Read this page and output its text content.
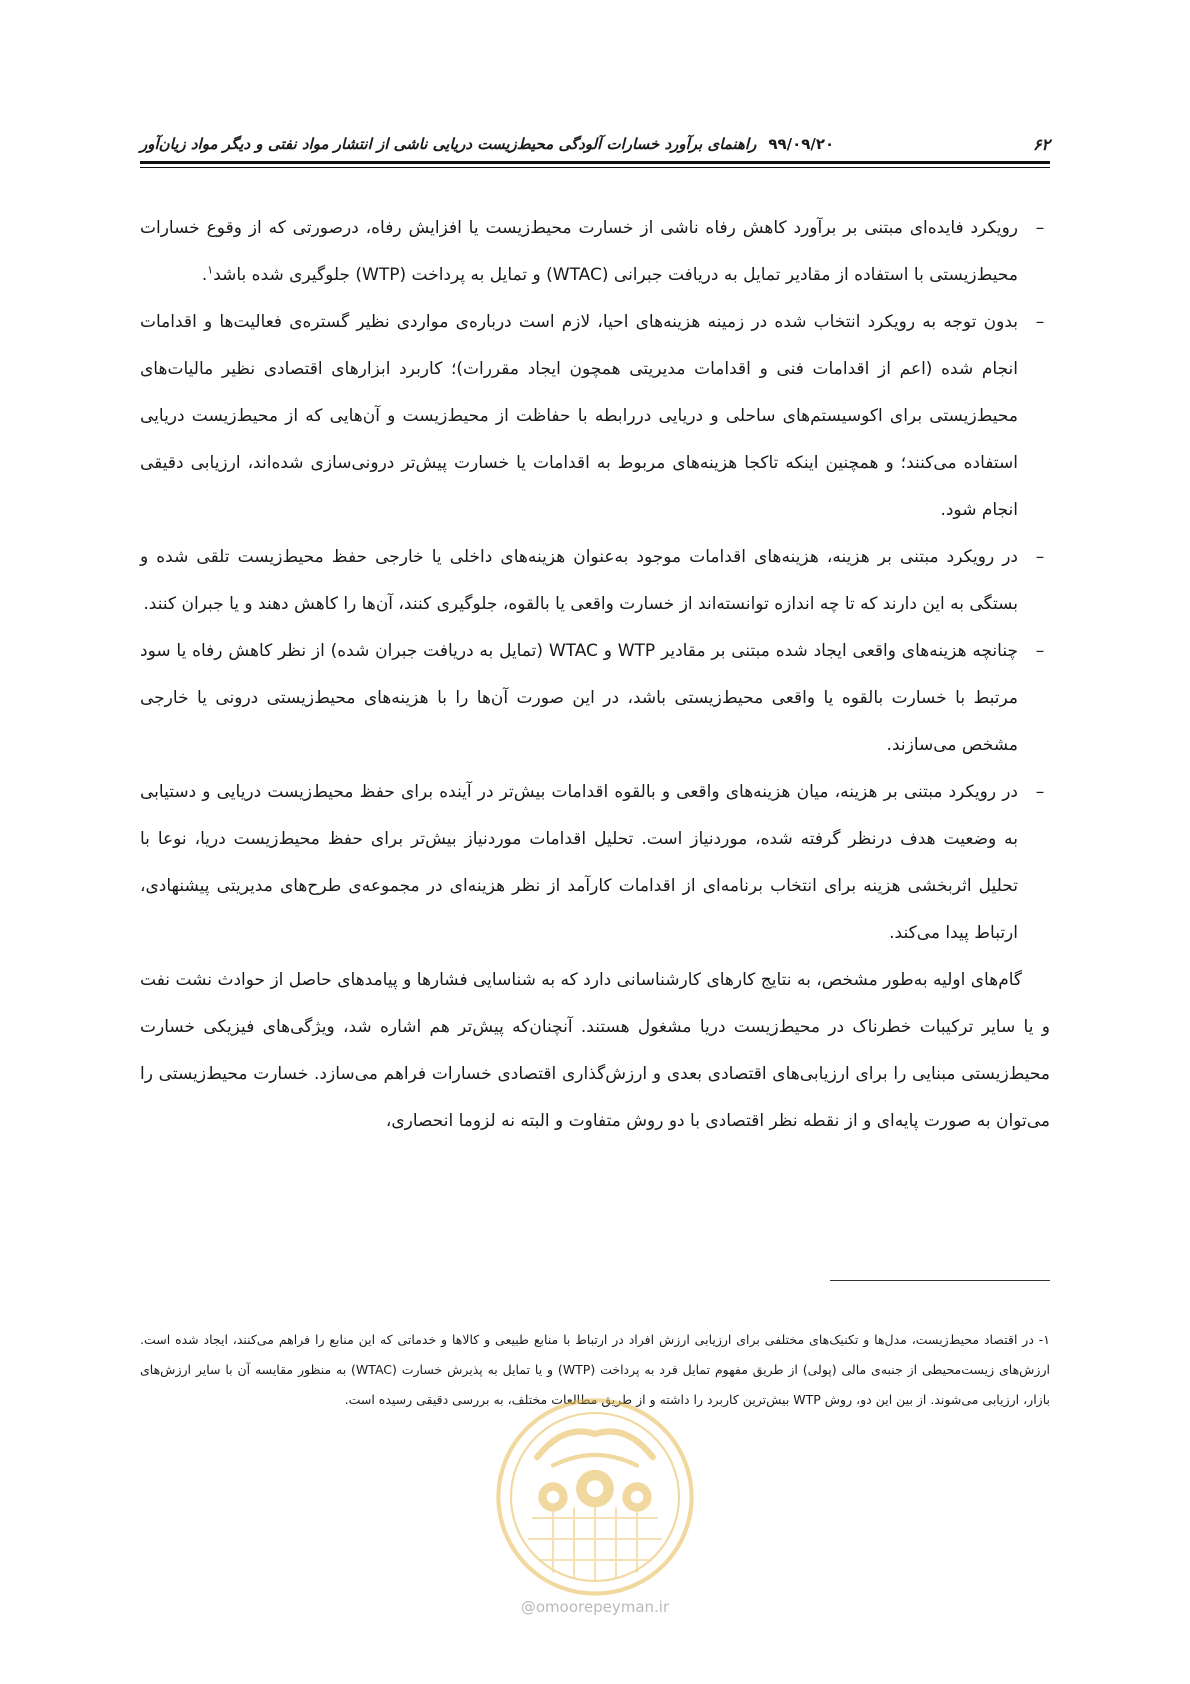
۶۲
۹۹/۰۹/۲۰
راهنمای برآورد خسارات آلودگی محیط‌زیست دریایی ناشی از انتشار مواد نفتی و دیگر مواد زیان‌آور

–
رویکرد فایده‌ای مبتنی بر برآورد کاهش رفاه ناشی از خسارت محیط‌زیست یا افزایش رفاه، درصورتی که از وقوع خسارات محیط‌زیستی با استفاده از مقادیر تمایل به دریافت جبرانی (WTAC) و تمایل به پرداخت (WTP) جلوگیری شده باشد$^۱$.

–
بدون توجه به رویکرد انتخاب شده در زمینه هزینه‌های احیا، لازم است درباره‌ی مواردی نظیر گستره‌ی فعالیت‌ها و اقدامات انجام شده (اعم از اقدامات فنی و اقدامات مدیریتی همچون ایجاد مقررات)؛ کاربرد ابزارهای اقتصادی نظیر مالیات‌های محیط‌زیستی برای اکوسیستم‌های ساحلی و دریایی دررابطه با حفاظت از محیط‌زیست و آن‌هایی که از محیط‌زیست دریایی استفاده می‌کنند؛ و همچنین اینکه تاکجا هزینه‌های مربوط به اقدامات یا خسارت پیش‌تر درونی‌سازی شده‌اند، ارزیابی دقیقی انجام شود.

–
در رویکرد مبتنی بر هزینه، هزینه‌های اقدامات موجود به‌عنوان هزینه‌های داخلی یا خارجی حفظ محیط‌زیست تلقی شده و بستگی به این دارند که تا چه اندازه توانسته‌اند از خسارت واقعی یا بالقوه، جلوگیری کنند، آن‌ها را کاهش دهند و یا جبران کنند.

–
چنانچه هزینه‌های واقعی ایجاد شده مبتنی بر مقادیر WTP و WTAC (تمایل به دریافت جبران شده) از نظر کاهش رفاه یا سود مرتبط با خسارت بالقوه یا واقعی محیط‌زیستی باشد، در این صورت آن‌ها را با هزینه‌های محیط‌زیستی درونی یا خارجی مشخص می‌سازند.

–
در رویکرد مبتنی بر هزینه، میان هزینه‌های واقعی و بالقوه اقدامات بیش‌تر در آینده برای حفظ محیط‌زیست دریایی و دستیابی به وضعیت هدف درنظر گرفته شده، موردنیاز است. تحلیل اقدامات موردنیاز بیش‌تر برای حفظ محیط‌زیست دریا، نوعا با تحلیل اثربخشی هزینه برای انتخاب برنامه‌ای از اقدامات کارآمد از نظر هزینه‌ای در مجموعه‌ی طرح‌های مدیریتی پیشنهادی، ارتباط پیدا می‌کند.

گام‌های اولیه به‌طور مشخص، به نتایج کارهای کارشناسانی دارد که به شناسایی فشارها و پیامدهای حاصل از حوادث نشت نفت و یا سایر ترکیبات خطرناک در محیط‌زیست دریا مشغول هستند. آنچنان‌که پیش‌تر هم اشاره شد، ویژگی‌های فیزیکی خسارت محیط‌زیستی مبنایی را برای ارزیابی‌های اقتصادی بعدی و ارزش‌گذاری اقتصادی خسارات فراهم می‌سازد. خسارت محیط‌زیستی را می‌توان به صورت پایه‌ای و از نقطه نظر اقتصادی با دو روش متفاوت و البته نه لزوما انحصاری،

۱- در اقتصاد محیط‌زیست، مدل‌ها و تکنیک‌های مختلفی برای ارزیابی ارزش افراد در ارتباط با منابع طبیعی و کالاها و خدماتی که این منابع را فراهم می‌کنند، ایجاد شده است. ارزش‌های زیست‌محیطی از جنبه‌ی مالی (پولی) از طریق مفهوم تمایل فرد به پرداخت (WTP) و یا تمایل به پذیرش خسارت (WTAC) به منظور مقایسه آن با سایر ارزش‌های بازار، ارزیابی می‌شوند. از بین این دو، روش WTP بیش‌ترین کاربرد را داشته و از طریق مطالعات مختلف، به بررسی دقیقی رسیده است.
@omoorepeyman.ir
